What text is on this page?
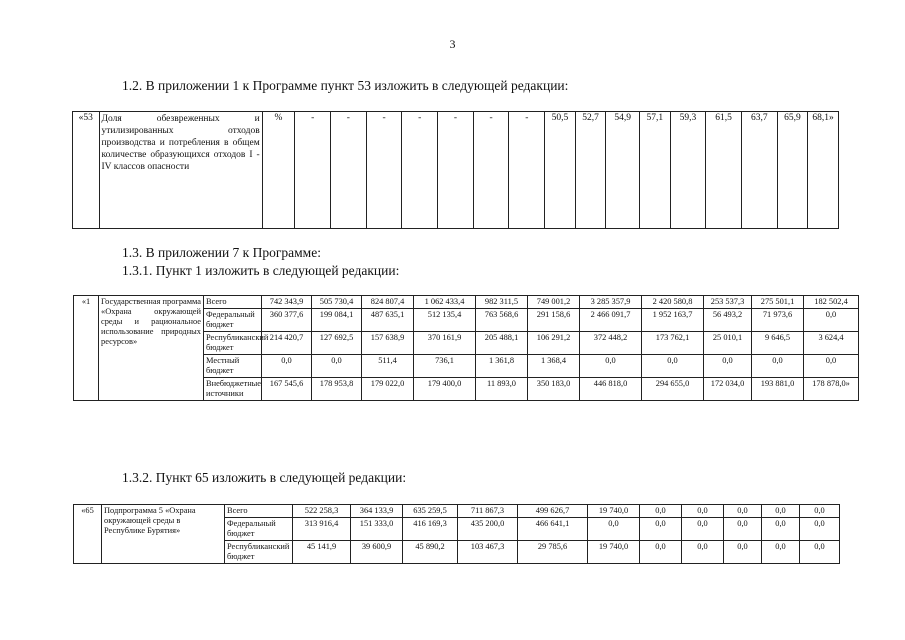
3
1.2. В приложении 1 к Программе пункт 53 изложить в следующей редакции:
«53	Доля обезвреженных и утилизированных отходов производства и потребления в общем количестве образующихся отходов I - IV классов опасности	%	-	-	-	-	-	-	-	50,5	52,7	54,9	57,1	59,3	61,5	63,7	65,9	68,1»
1.3. В приложении 7 к Программе:
1.3.1. Пункт 1 изложить в следующей редакции:
«1	Государственная программа «Охрана окружающей среды и рациональное использование природных ресурсов»	Всего	742 343,9	505 730,4	824 807,4	1 062 433,4	982 311,5	749 001,2	3 285 357,9	2 420 580,8	253 537,3	275 501,1	182 502,4
		Федеральный бюджет	360 377,6	199 084,1	487 635,1	512 135,4	763 568,6	291 158,6	2 466 091,7	1 952 163,7	56 493,2	71 973,6	0,0
		Республиканский бюджет	214 420,7	127 692,5	157 638,9	370 161,9	205 488,1	106 291,2	372 448,2	173 762,1	25 010,1	9 646,5	3 624,4
		Местный бюджет	0,0	0,0	511,4	736,1	1 361,8	1 368,4	0,0	0,0	0,0	0,0	0,0
		Внебюджетные источники	167 545,6	178 953,8	179 022,0	179 400,0	11 893,0	350 183,0	446 818,0	294 655,0	172 034,0	193 881,0	178 878,0»
1.3.2. Пункт 65 изложить в следующей редакции:
«65	Подпрограмма 5 «Охрана окружающей среды в Республике Бурятия»	Всего	522 258,3	364 133,9	635 259,5	711 867,3	499 626,7	19 740,0	0,0	0,0	0,0	0,0	0,0
		Федеральный бюджет	313 916,4	151 333,0	416 169,3	435 200,0	466 641,1	0,0	0,0	0,0	0,0	0,0	0,0
		Республиканский бюджет	45 141,9	39 600,9	45 890,2	103 467,3	29 785,6	19 740,0	0,0	0,0	0,0	0,0	0,0
